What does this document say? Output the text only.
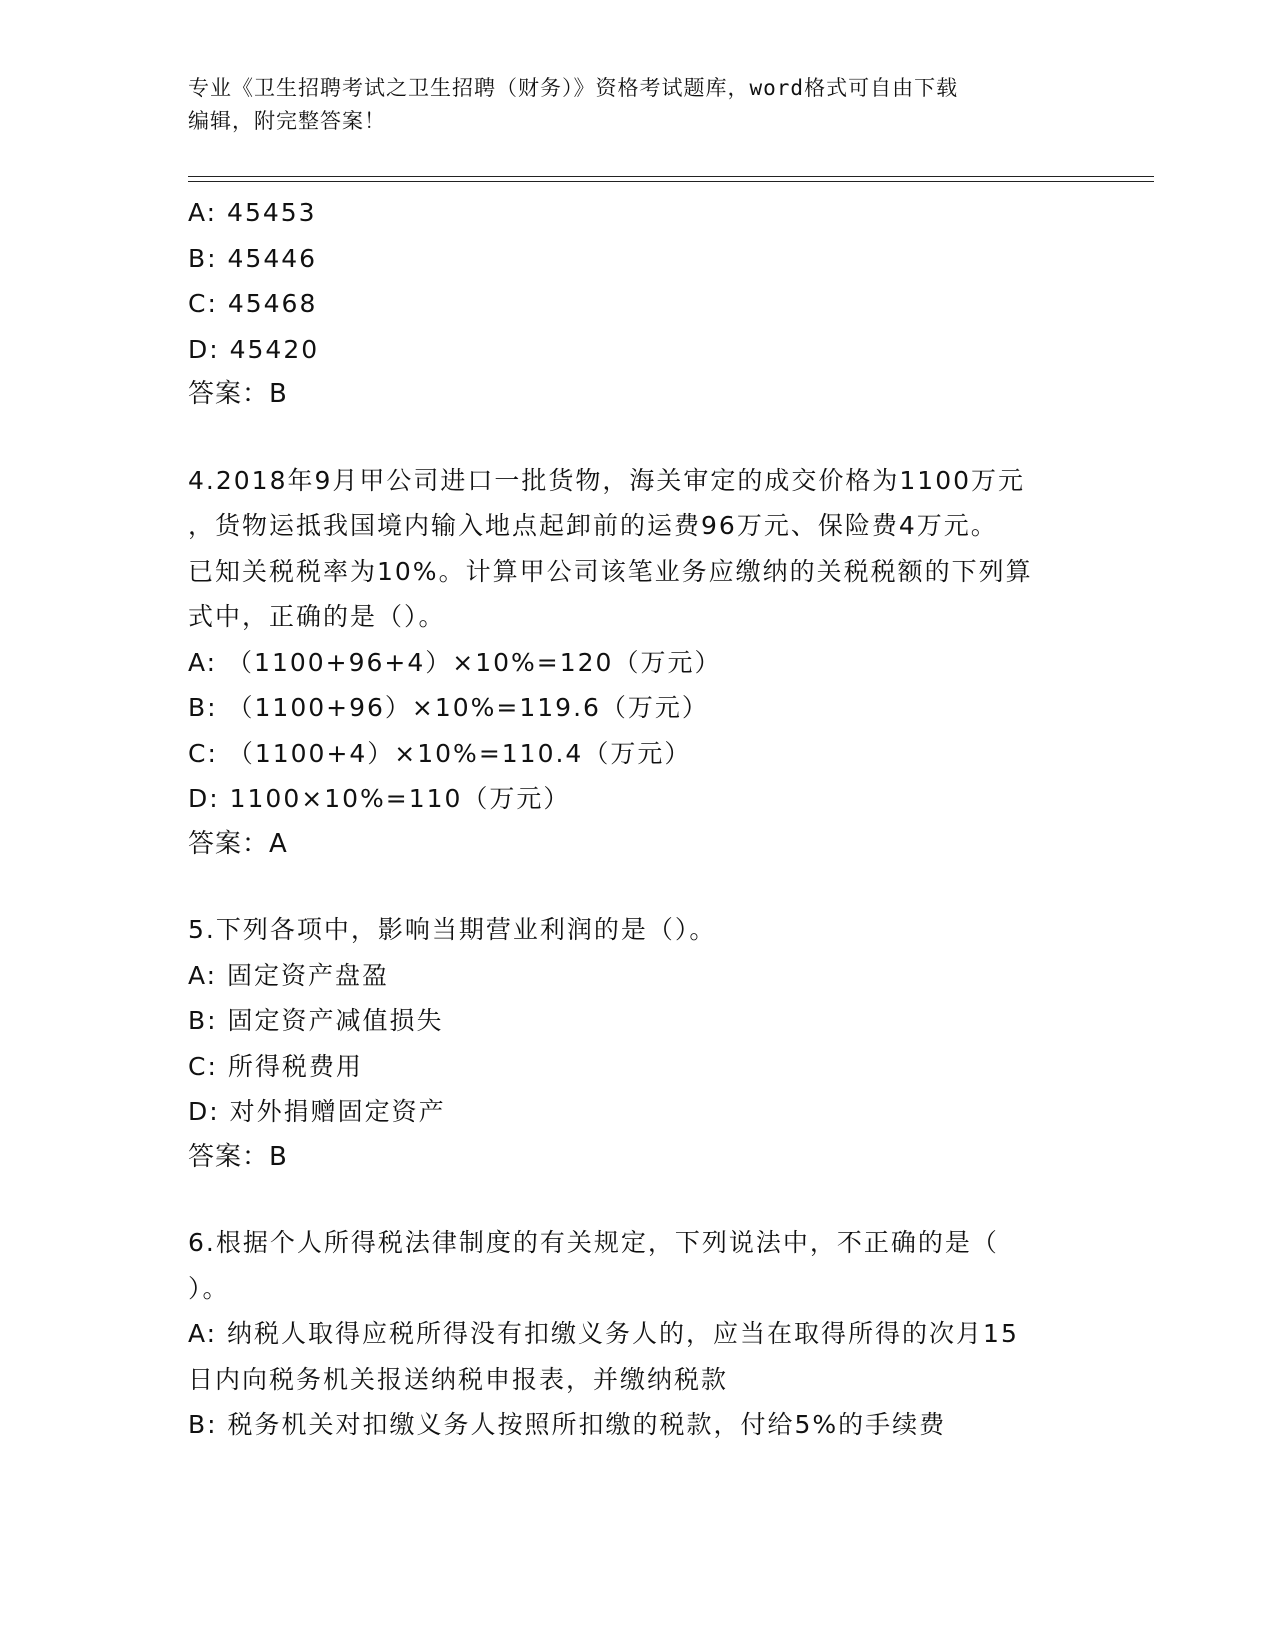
专业《卫生招聘考试之卫生招聘（财务）》资格考试题库，word格式可自由下载
编辑，附完整答案！
A: 45453
B: 45446
C: 45468
D: 45420
答案：B
4.2018年9月甲公司进口一批货物，海关审定的成交价格为1100万元
，货物运抵我国境内输入地点起卸前的运费96万元、保险费4万元。
已知关税税率为10%。计算甲公司该笔业务应缴纳的关税税额的下列算
式中，正确的是（）。
A: （1100+96+4）×10%=120（万元）
B: （1100+96）×10%=119.6（万元）
C: （1100+4）×10%=110.4（万元）
D: 1100×10%=110（万元）
答案：A
5.下列各项中，影响当期营业利润的是（）。
A: 固定资产盘盈
B: 固定资产减值损失
C: 所得税费用
D: 对外捐赠固定资产
答案：B
6.根据个人所得税法律制度的有关规定，下列说法中，不正确的是（
）。
A: 纳税人取得应税所得没有扣缴义务人的，应当在取得所得的次月15
日内向税务机关报送纳税申报表，并缴纳税款
B: 税务机关对扣缴义务人按照所扣缴的税款，付给5%的手续费
